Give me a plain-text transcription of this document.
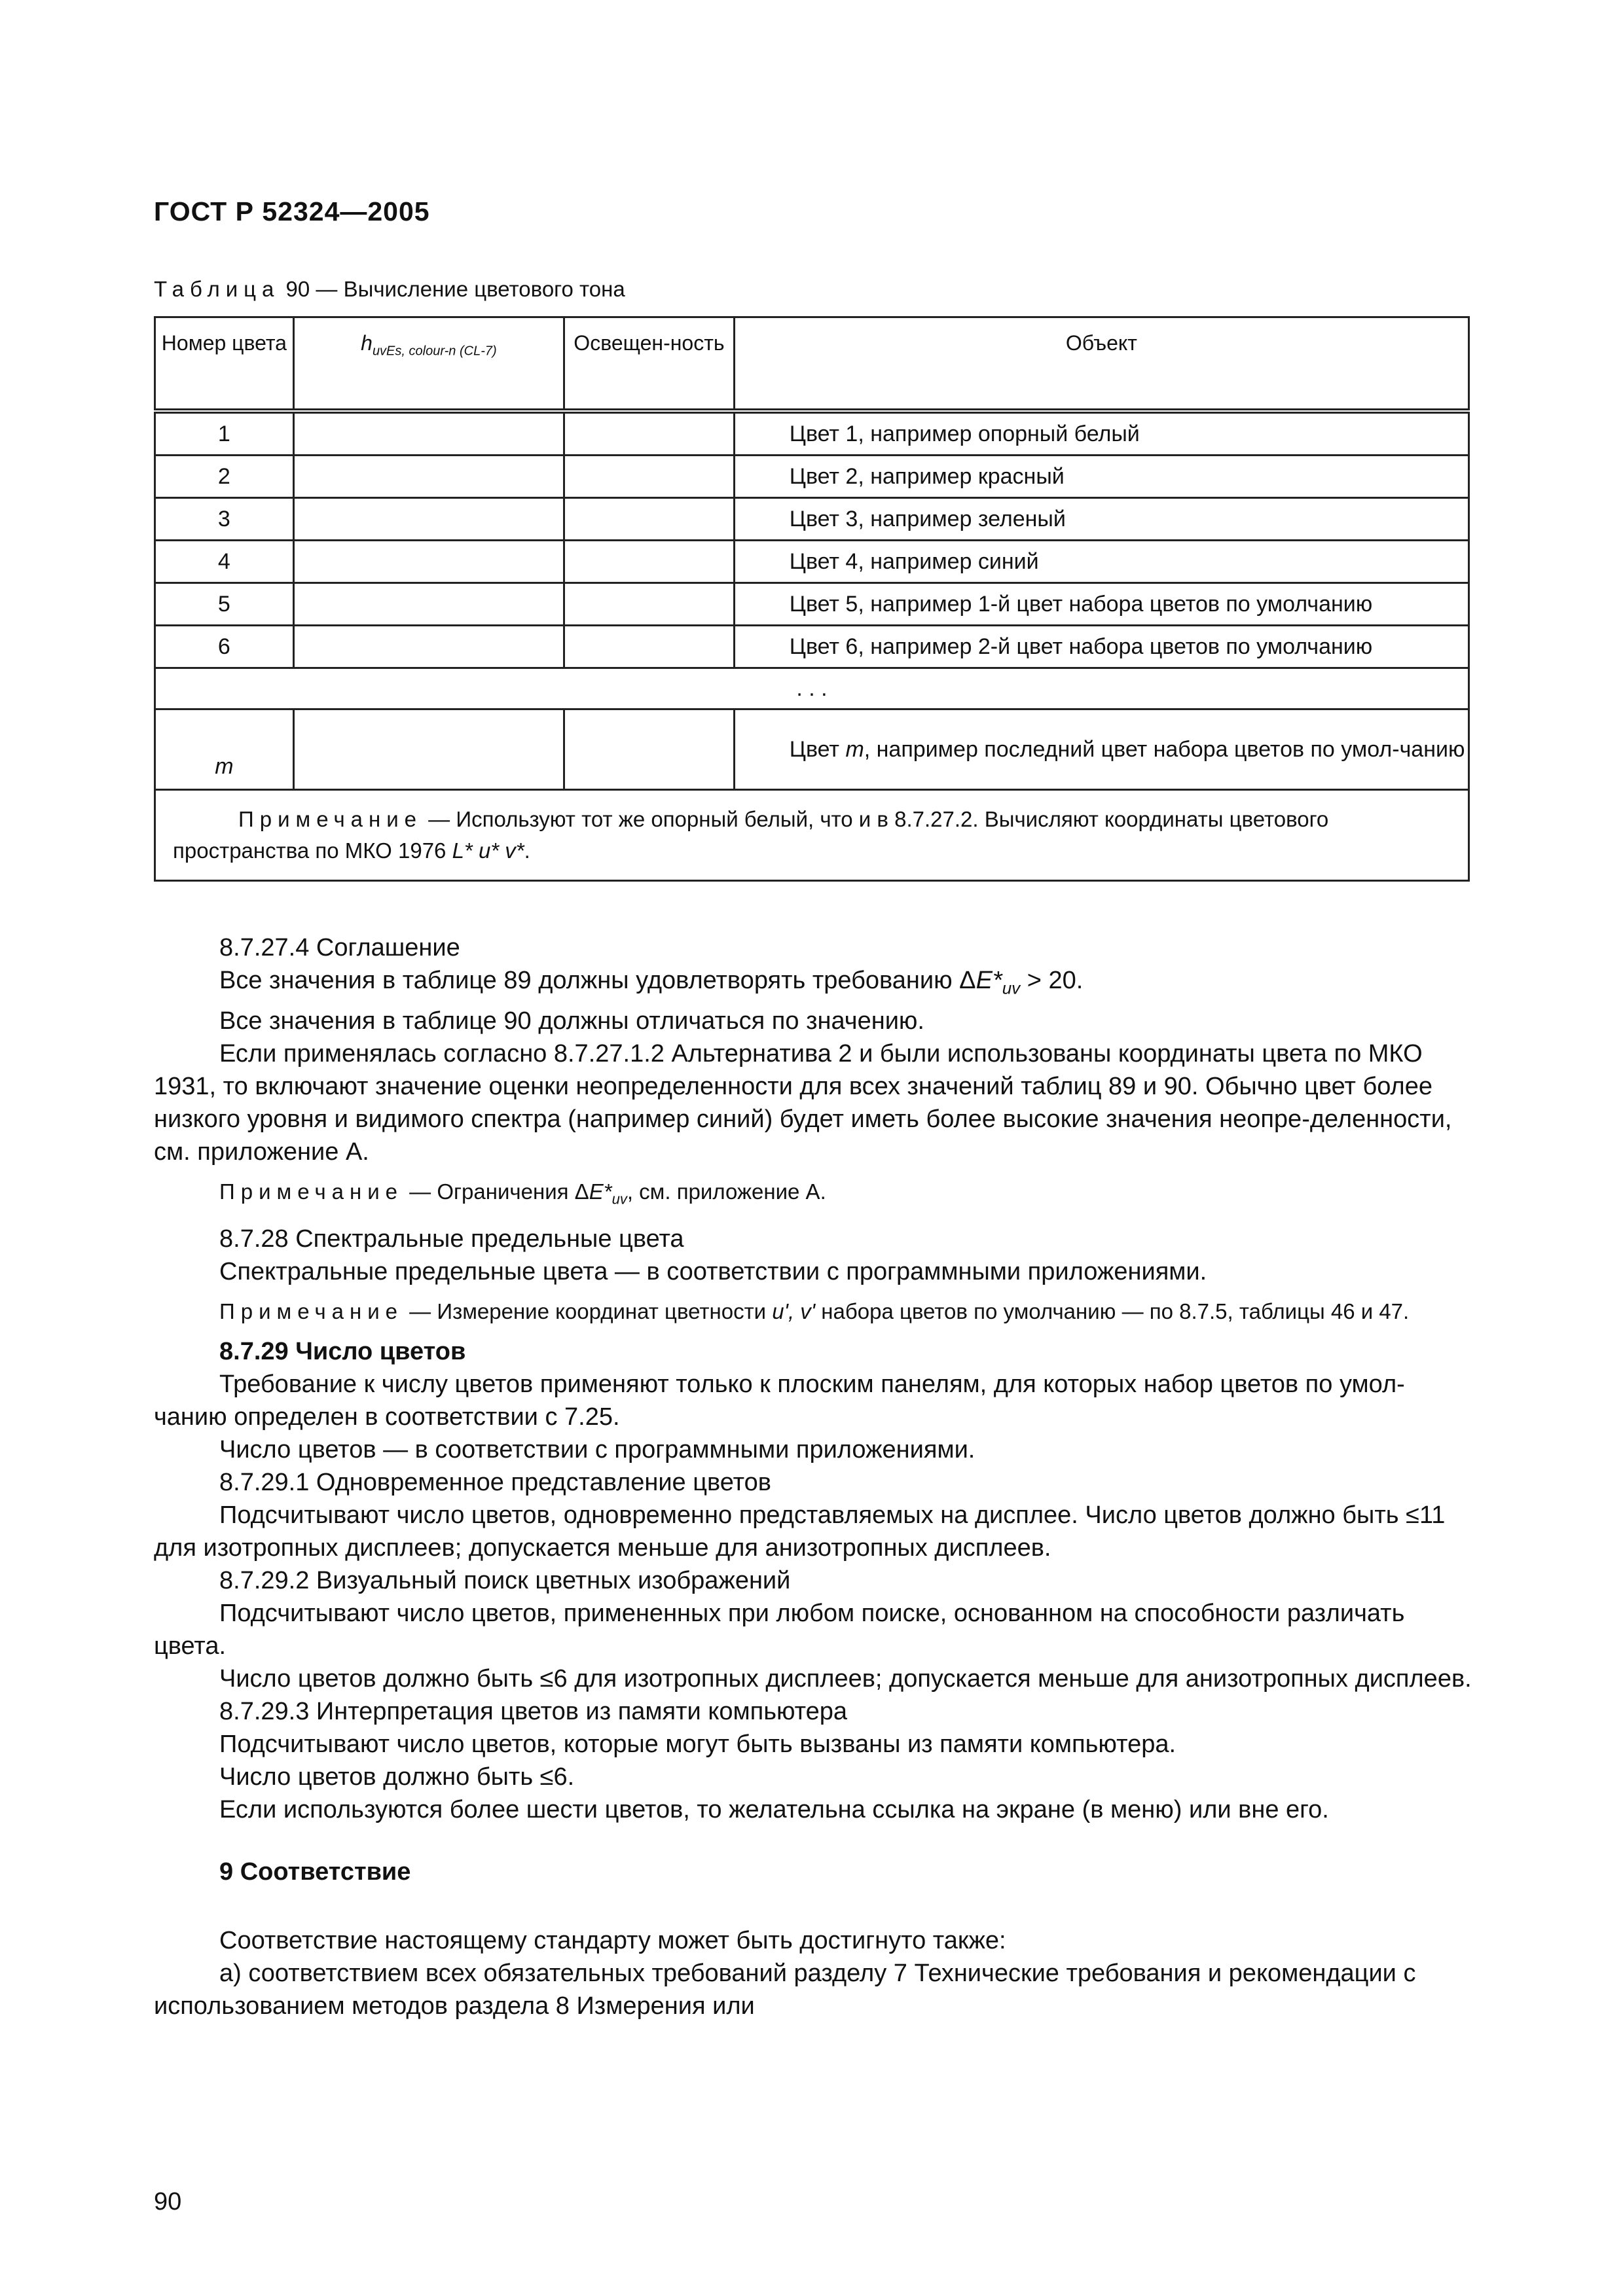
ГОСТ Р 52324—2005
Таблица 90 — Вычисление цветового тона
Номер цвета	$h_{uvEs, colour-n (CL-7)}$	Освещен-ность	Объект
1			Цвет 1, например опорный белый
2			Цвет 2, например красный
3			Цвет 3, например зеленый
4			Цвет 4, например синий
5			Цвет 5, например 1-й цвет набора цветов по умолчанию
6			Цвет 6, например 2-й цвет набора цветов по умолчанию
. . .			
m			Цвет m, например последний цвет набора цветов по умол-чанию
Примечание — Используют тот же опорный белый, что и в 8.7.27.2. Вычисляют координаты цветового пространства по МКО 1976 L* u* v*.			

8.7.27.4 Соглашение

Все значения в таблице 89 должны удовлетворять требованию $\Delta E*_{uv} > 20$.

Все значения в таблице 90 должны отличаться по значению.

Если применялась согласно 8.7.27.1.2 Альтернатива 2 и были использованы координаты цвета по МКО 1931, то включают значение оценки неопределенности для всех значений таблиц 89 и 90. Обычно цвет более низкого уровня и видимого спектра (например синий) будет иметь более высокие значения неопре-деленности, см. приложение А.

Примечание — Ограничения $\Delta E*_{uv}$, см. приложение А.

8.7.28 Спектральные предельные цвета

Спектральные предельные цвета — в соответствии с программными приложениями.

Примечание — Измерение координат цветности u', v' набора цветов по умолчанию — по 8.7.5, таблицы 46 и 47.

8.7.29 Число цветов

Требование к числу цветов применяют только к плоским панелям, для которых набор цветов по умол-чанию определен в соответствии с 7.25.

Число цветов — в соответствии с программными приложениями.

8.7.29.1 Одновременное представление цветов

Подсчитывают число цветов, одновременно представляемых на дисплее. Число цветов должно быть ≤11 для изотропных дисплеев; допускается меньше для анизотропных дисплеев.

8.7.29.2 Визуальный поиск цветных изображений

Подсчитывают число цветов, примененных при любом поиске, основанном на способности различать цвета.

Число цветов должно быть ≤6 для изотропных дисплеев; допускается меньше для анизотропных дисплеев.

8.7.29.3 Интерпретация цветов из памяти компьютера

Подсчитывают число цветов, которые могут быть вызваны из памяти компьютера.

Число цветов должно быть ≤6.

Если используются более шести цветов, то желательна ссылка на экране (в меню) или вне его.

9 Соответствие

Соответствие настоящему стандарту может быть достигнуто также:

а) соответствием всех обязательных требований разделу 7 Технические требования и рекомендации с использованием методов раздела 8 Измерения или

90
